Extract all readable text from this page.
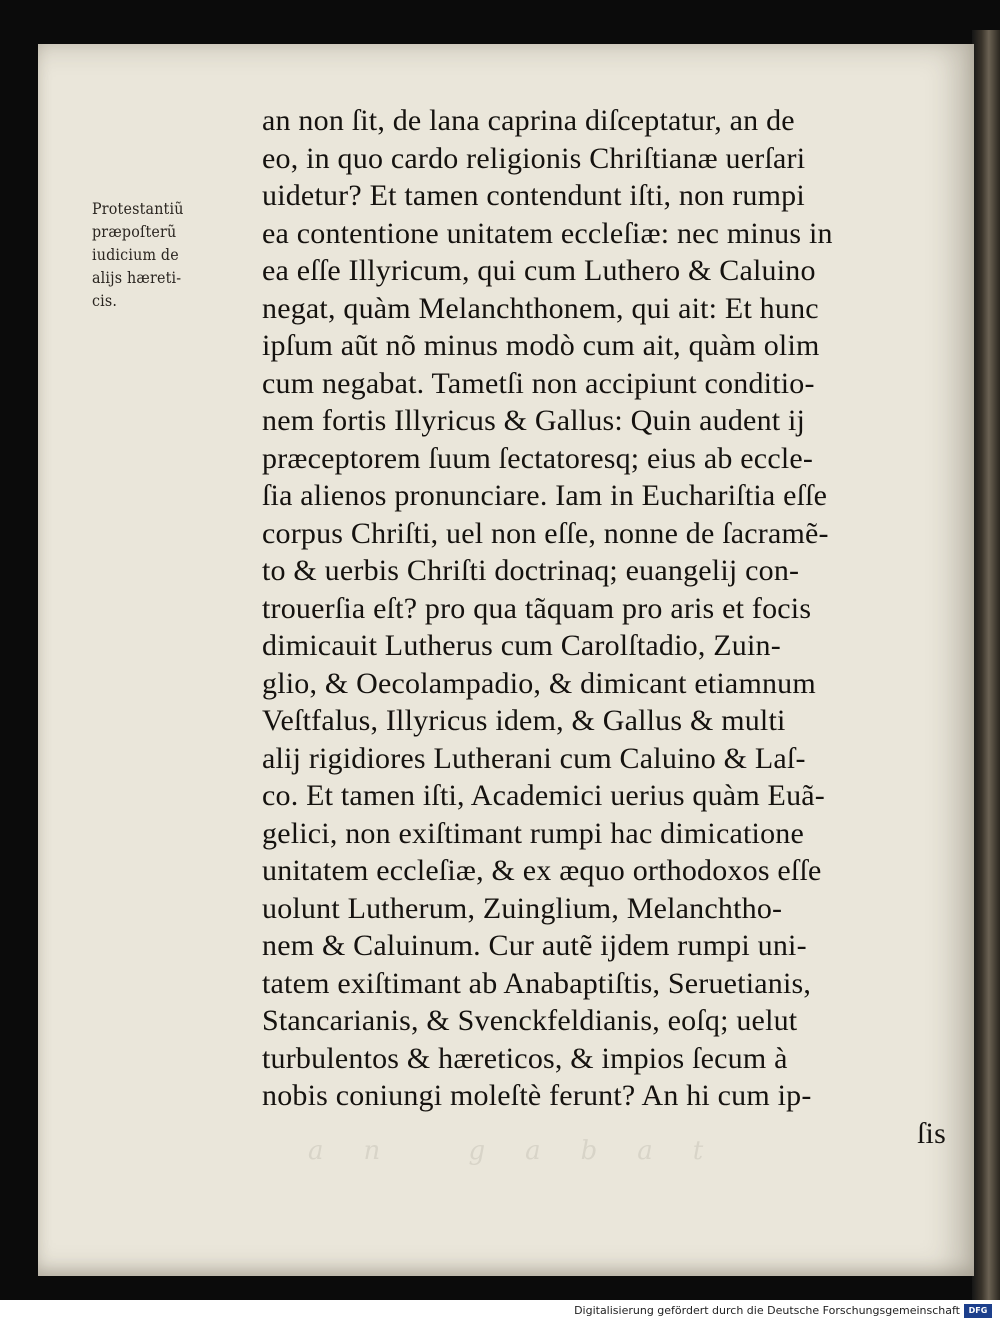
an gabat
Protestantiũ
præpoſterũ
iudicium de
alijs hæreti-
cis.
an non ſit, de lana caprina diſceptatur, an de
eo, in quo cardo religionis Chriſtianæ uerſari
uidetur? Et tamen contendunt iſti, non rumpi
ea contentione unitatem eccleſiæ: nec minus in
ea eſſe Illyricum, qui cum Luthero & Caluino
negat, quàm Melanchthonem, qui ait: Et hunc
ipſum aũt nõ minus modò cum ait, quàm olim
cum negabat. Tametſi non accipiunt conditio-
nem fortis Illyricus & Gallus: Quin audent ij
præceptorem ſuum ſectatoresq; eius ab eccle-
ſia alienos pronunciare. Iam in Euchariſtia eſſe
corpus Chriſti, uel non eſſe, nonne de ſacramẽ-
to & uerbis Chriſti doctrinaq; euangelij con-
trouerſia eſt? pro qua tãquam pro aris et focis
dimicauit Lutherus cum Carolſtadio, Zuin-
glio, & Oecolampadio, & dimicant etiamnum
Veſtfalus, Illyricus idem, & Gallus & multi
alij rigidiores Lutherani cum Caluino & Laſ-
co. Et tamen iſti, Academici uerius quàm Euã-
gelici, non exiſtimant rumpi hac dimicatione
unitatem eccleſiæ, & ex æquo orthodoxos eſſe
uolunt Lutherum, Zuinglium, Melanchtho-
nem & Caluinum. Cur autẽ ijdem rumpi uni-
tatem exiſtimant ab Anabaptiſtis, Seruetianis,
Stancarianis, & Svenckfeldianis, eoſq; uelut
turbulentos & hæreticos, & impios ſecum à
nobis coniungi moleſtè ferunt? An hi cum ip-
ſis
Digitalisierung gefördert durch die Deutsche Forschungsgemeinschaft	DFG
